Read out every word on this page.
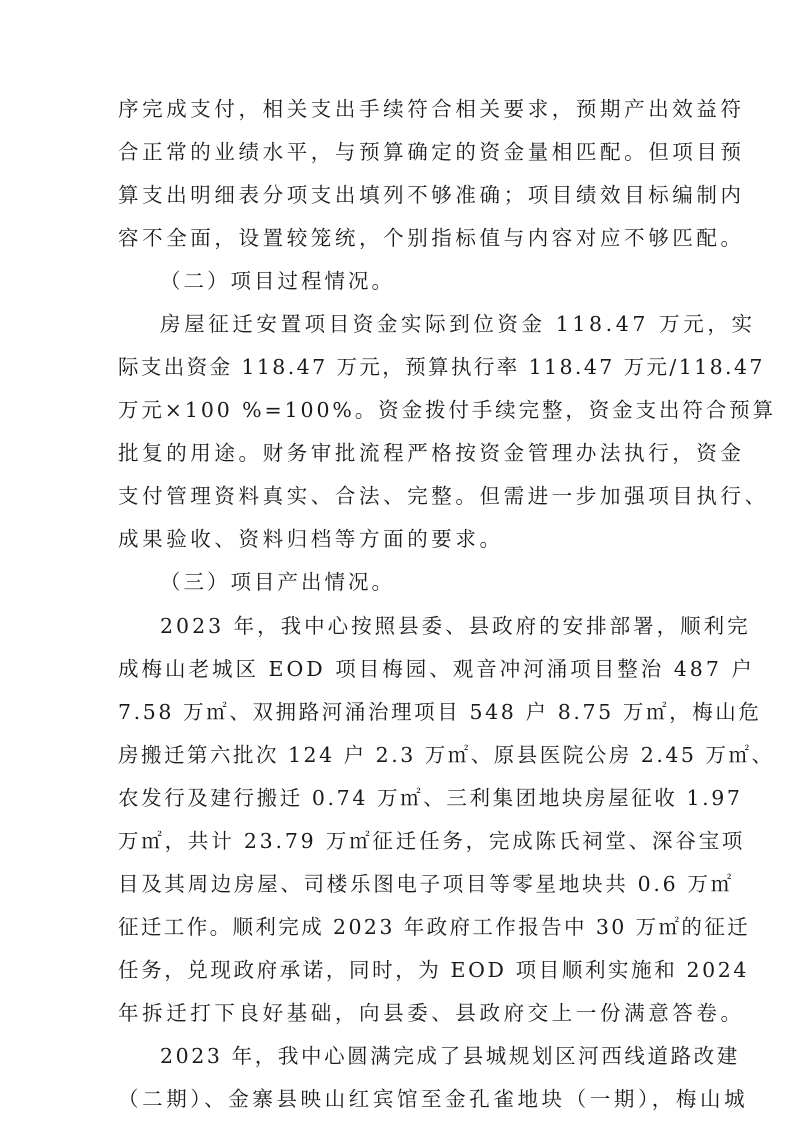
序完成支付，相关支出手续符合相关要求，预期产出效益符
合正常的业绩水平，与预算确定的资金量相匹配。但项目预
算支出明细表分项支出填列不够准确；项目绩效目标编制内
容不全面，设置较笼统，个别指标值与内容对应不够匹配。
（二）项目过程情况。
房屋征迁安置项目资金实际到位资金 118.47 万元，实
际支出资金 118.47 万元，预算执行率 118.47 万元/118.47
万元×100 %=100%。资金拨付手续完整，资金支出符合预算
批复的用途。财务审批流程严格按资金管理办法执行，资金
支付管理资料真实、合法、完整。但需进一步加强项目执行、
成果验收、资料归档等方面的要求。
（三）项目产出情况。
2023 年，我中心按照县委、县政府的安排部署，顺利完
成梅山老城区 EOD 项目梅园、观音冲河涌项目整治 487 户
7.58 万㎡、双拥路河涌治理项目 548 户 8.75 万㎡，梅山危
房搬迁第六批次 124 户 2.3 万㎡、原县医院公房 2.45 万㎡、
农发行及建行搬迁 0.74 万㎡、三利集团地块房屋征收 1.97
万㎡，共计 23.79 万㎡征迁任务，完成陈氏祠堂、深谷宝项
目及其周边房屋、司楼乐图电子项目等零星地块共 0.6 万㎡
征迁工作。顺利完成 2023 年政府工作报告中 30 万㎡的征迁
任务，兑现政府承诺，同时，为 EOD 项目顺利实施和 2024
年拆迁打下良好基础，向县委、县政府交上一份满意答卷。
2023 年，我中心圆满完成了县城规划区河西线道路改建
（二期）、金寨县映山红宾馆至金孔雀地块（一期），梅山城
